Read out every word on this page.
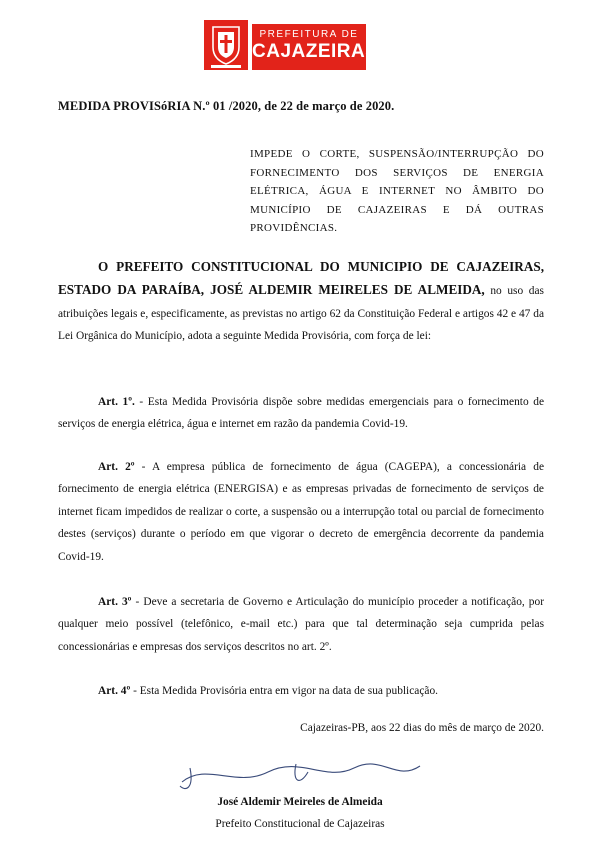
PREFEITURA DE
CAJAZEIRAS
MEDIDA PROVISóRIA N.º 01 /2020, de 22 de março de 2020.
IMPEDE O CORTE, SUSPENSÃO/INTERRUPÇÃO DO FORNECIMENTO DOS SERVIÇOS DE ENERGIA ELÉTRICA, ÁGUA E INTERNET NO ÂMBITO DO MUNICÍPIO DE CAJAZEIRAS E DÁ OUTRAS PROVIDÊNCIAS.
O PREFEITO CONSTITUCIONAL DO MUNICIPIO DE CAJAZEIRAS, ESTADO DA PARAÍBA, JOSÉ ALDEMIR MEIRELES DE ALMEIDA, no uso das atribuições legais e, especificamente, as previstas no artigo 62 da Constituição Federal e artigos 42 e 47 da Lei Orgânica do Município, adota a seguinte Medida Provisória, com força de lei:
Art. 1º. - Esta Medida Provisória dispõe sobre medidas emergenciais para o fornecimento de serviços de energia elétrica, água e internet em razão da pandemia Covid-19.
Art. 2º - A empresa pública de fornecimento de água (CAGEPA), a concessionária de fornecimento de energia elétrica (ENERGISA) e as empresas privadas de fornecimento de serviços de internet ficam impedidos de realizar o corte, a suspensão ou a interrupção total ou parcial de fornecimento destes (serviços) durante o período em que vigorar o decreto de emergência decorrente da pandemia Covid-19.
Art. 3º - Deve a secretaria de Governo e Articulação do município proceder a notificação, por qualquer meio possível (telefônico, e-mail etc.) para que tal determinação seja cumprida pelas concessionárias e empresas dos serviços descritos no art. 2º.
Art. 4º - Esta Medida Provisória entra em vigor na data de sua publicação.
Cajazeiras-PB, aos 22 dias do mês de março de 2020.
José Aldemir Meireles de Almeida
Prefeito Constitucional de Cajazeiras
